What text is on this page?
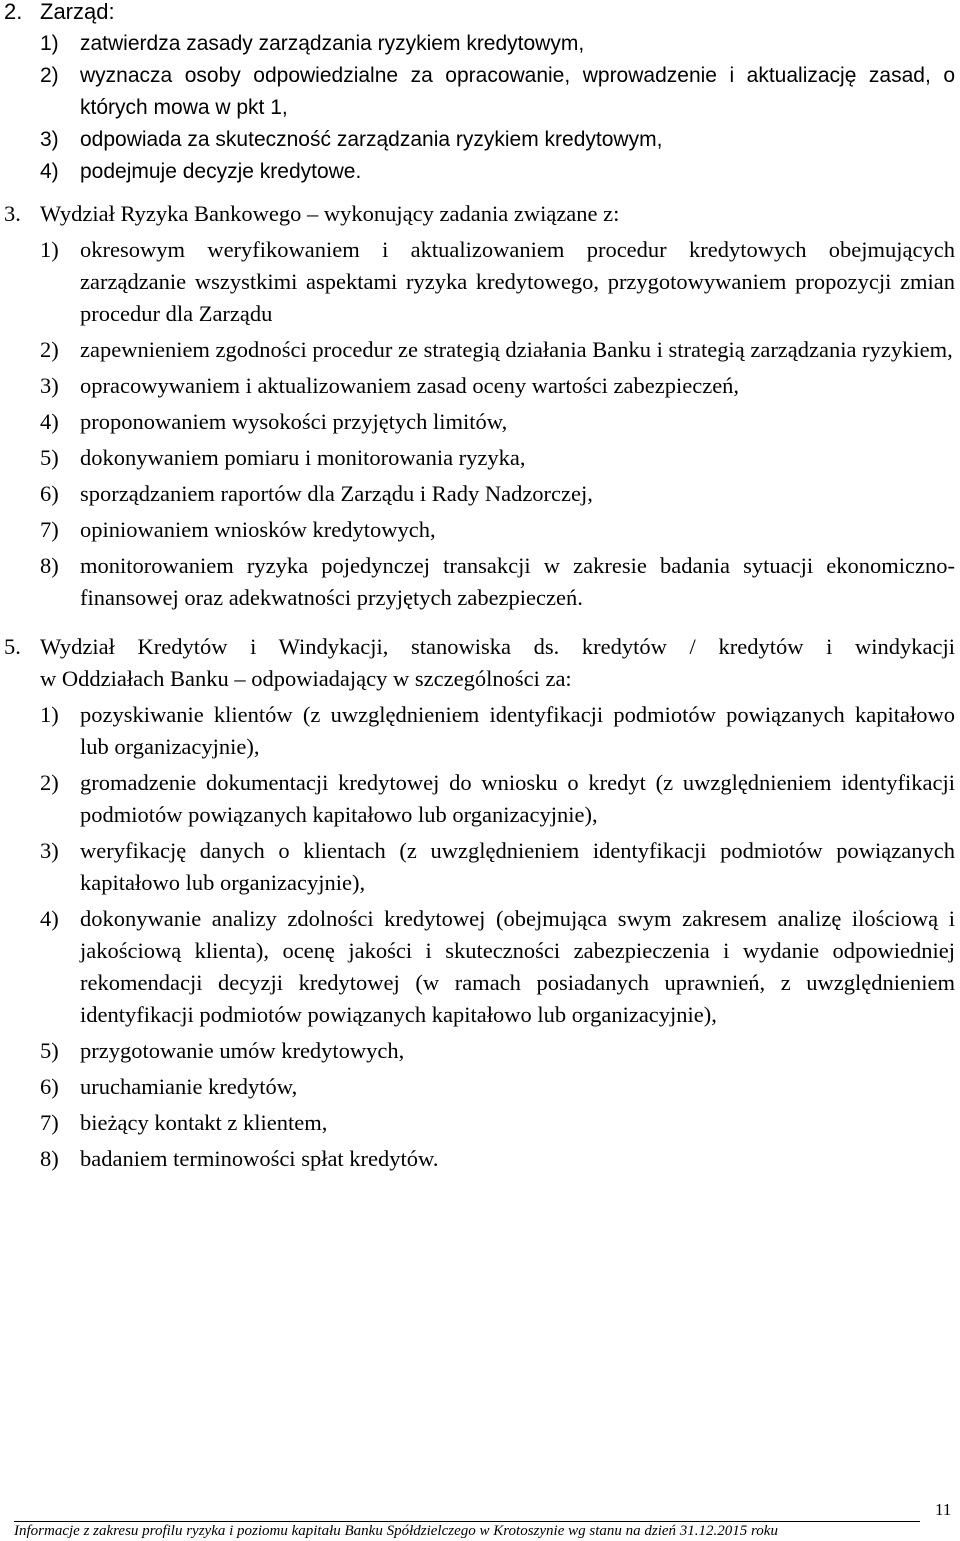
2. Zarząd:
1) zatwierdza zasady zarządzania ryzykiem kredytowym,
2) wyznacza osoby odpowiedzialne za opracowanie, wprowadzenie i aktualizację zasad, o których mowa w pkt 1,
3) odpowiada za skuteczność zarządzania ryzykiem kredytowym,
4) podejmuje decyzje kredytowe.
3. Wydział Ryzyka Bankowego – wykonujący zadania związane z:
1) okresowym weryfikowaniem i aktualizowaniem procedur kredytowych obejmujących zarządzanie wszystkimi aspektami ryzyka kredytowego, przygotowywaniem propozycji zmian procedur dla Zarządu
2) zapewnieniem zgodności procedur ze strategią działania Banku i strategią zarządzania ryzykiem,
3) opracowywaniem i aktualizowaniem zasad oceny wartości zabezpieczeń,
4) proponowaniem wysokości przyjętych limitów,
5) dokonywaniem pomiaru i monitorowania ryzyka,
6) sporządzaniem raportów dla Zarządu i Rady Nadzorczej,
7) opiniowaniem wniosków kredytowych,
8) monitorowaniem ryzyka pojedynczej transakcji w zakresie badania sytuacji ekonomiczno-finansowej oraz adekwatności przyjętych zabezpieczeń.
5. Wydział Kredytów i Windykacji, stanowiska ds. kredytów / kredytów i windykacji
w Oddziałach Banku – odpowiadający w szczególności za:
1) pozyskiwanie klientów (z uwzględnieniem identyfikacji podmiotów powiązanych kapitałowo lub organizacyjnie),
2) gromadzenie dokumentacji kredytowej do wniosku o kredyt (z uwzględnieniem identyfikacji podmiotów powiązanych kapitałowo lub organizacyjnie),
3) weryfikację danych o klientach (z uwzględnieniem identyfikacji podmiotów powiązanych kapitałowo lub organizacyjnie),
4) dokonywanie analizy zdolności kredytowej (obejmująca swym zakresem analizę ilościową i jakościową klienta), ocenę jakości i skuteczności zabezpieczenia i wydanie odpowiedniej rekomendacji decyzji kredytowej (w ramach posiadanych uprawnień, z uwzględnieniem identyfikacji podmiotów powiązanych kapitałowo lub organizacyjnie),
5) przygotowanie umów kredytowych,
6) uruchamianie kredytów,
7) bieżący kontakt z klientem,
8) badaniem terminowości spłat kredytów.
11
Informacje z zakresu profilu ryzyka i poziomu kapitału Banku Spółdzielczego w Krotoszynie wg stanu na dzień 31.12.2015 roku
